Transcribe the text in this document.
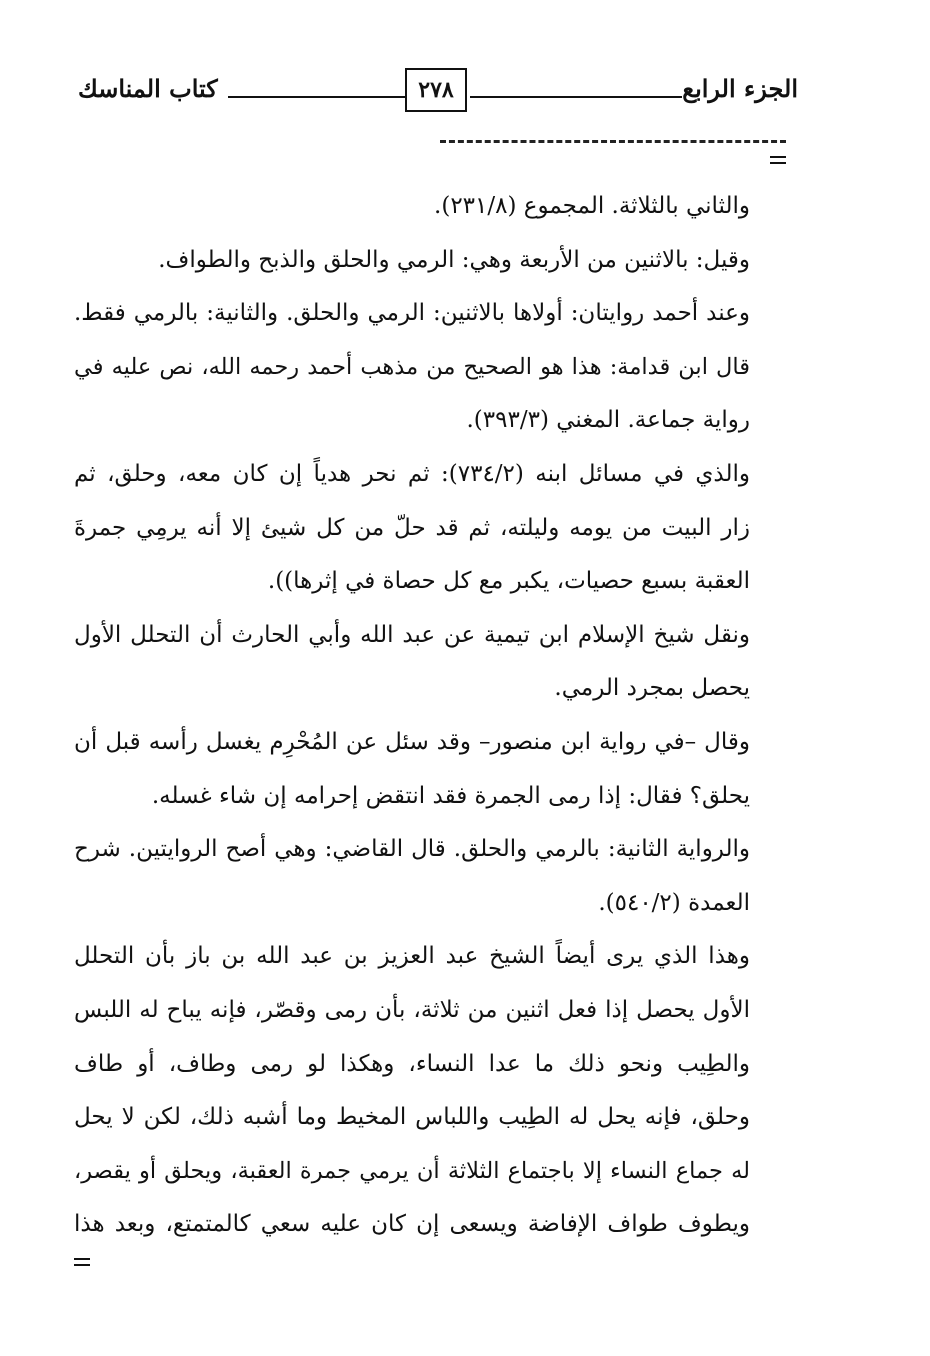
الجزء الرابع
٢٧٨
كتاب المناسك
والثاني بالثلاثة. المجموع (٢٣١/٨).
وقيل: بالاثنين من الأربعة وهي: الرمي والحلق والذبح والطواف.
وعند أحمد روايتان: أولاها بالاثنين: الرمي والحلق. والثانية: بالرمي فقط.
قال ابن قدامة: هذا هو الصحيح من مذهب أحمد رحمه الله، نص عليه في
رواية جماعة. المغني (٣٩٣/٣).
والذي في مسائل ابنه (٧٣٤/٢): ثم نحر هدياً إن كان معه، وحلق، ثم
زار البيت من يومه وليلته، ثم قد حلّ من كل شيئ إلا أنه يرمِي جمرةَ
العقبة بسبع حصيات، يكبر مع كل حصاة في إثرها)).
ونقل شيخ الإسلام ابن تيمية عن عبد الله وأبي الحارث أن التحلل الأول
يحصل بمجرد الرمي.
وقال –في رواية ابن منصور– وقد سئل عن المُحْرِم يغسل رأسه قبل أن
يحلق؟ فقال: إذا رمى الجمرة فقد انتقض إحرامه إن شاء غسله.
والرواية الثانية: بالرمي والحلق. قال القاضي: وهي أصح الروايتين. شرح
العمدة (٥٤٠/٢).
وهذا الذي يرى أيضاً الشيخ عبد العزيز بن عبد الله بن باز بأن التحلل
الأول يحصل إذا فعل اثنين من ثلاثة، بأن رمى وقصّر، فإنه يباح له اللبس
والطِيب ونحو ذلك ما عدا النساء، وهكذا لو رمى وطاف، أو طاف
وحلق، فإنه يحل له الطِيب واللباس المخيط وما أشبه ذلك، لكن لا يحل
له جماع النساء إلا باجتماع الثلاثة أن يرمي جمرة العقبة، ويحلق أو يقصر،
ويطوف طواف الإفاضة ويسعى إن كان عليه سعي كالمتمتع، وبعد هذا
